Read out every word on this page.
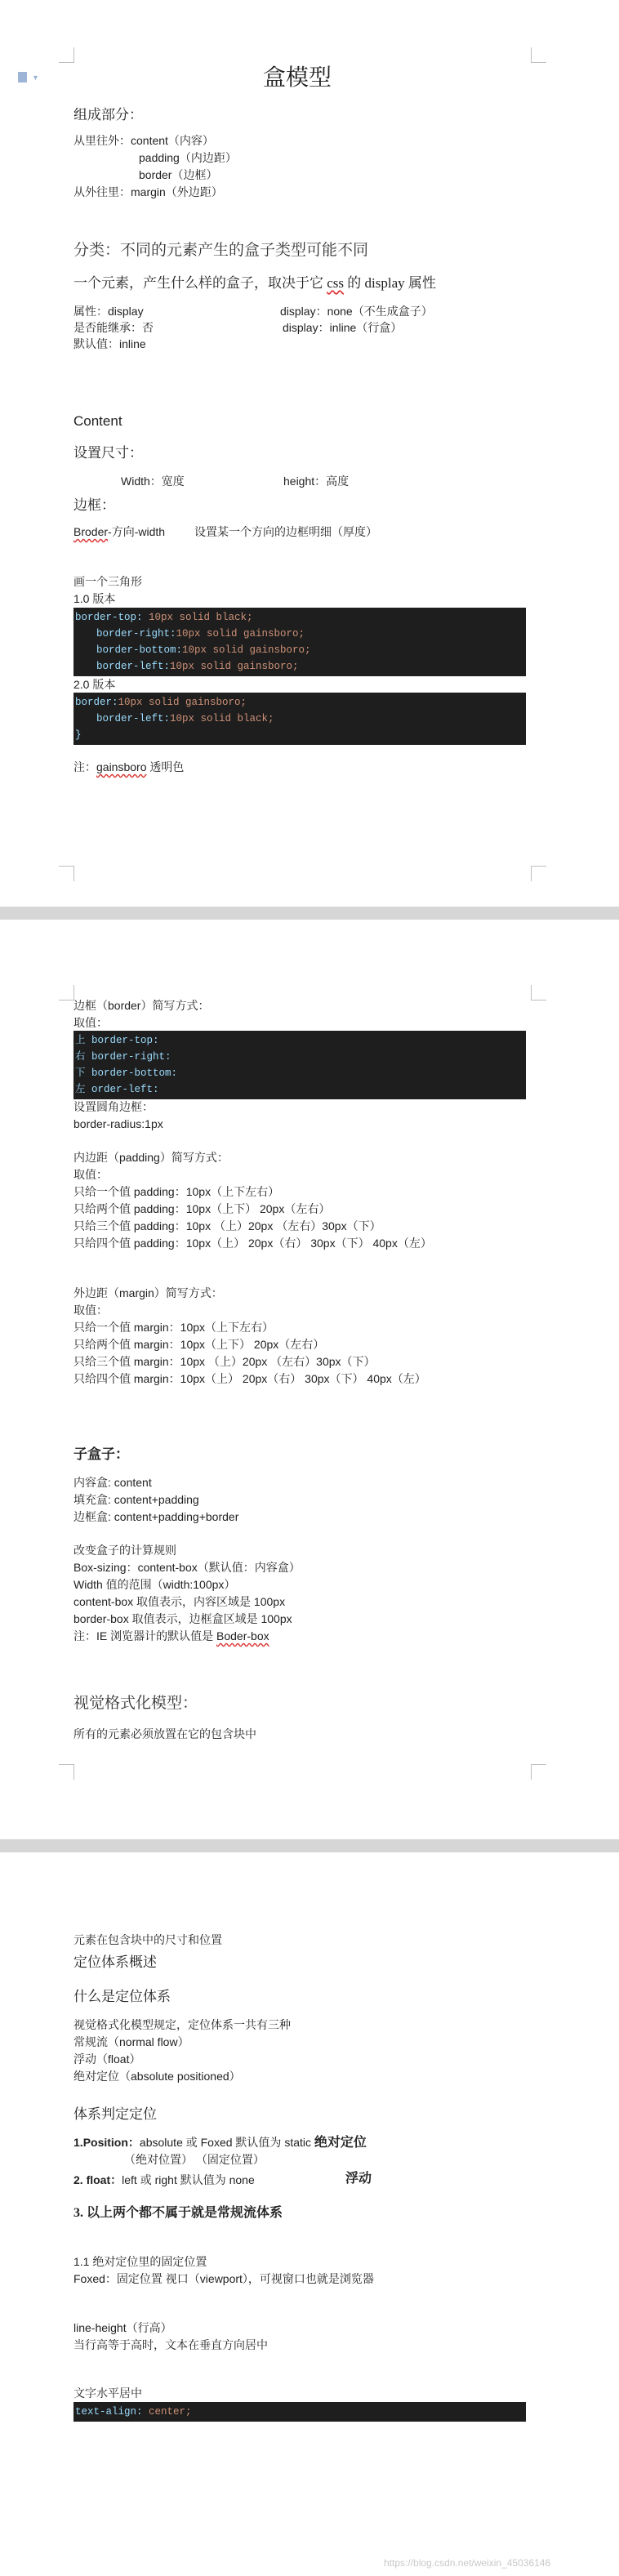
▼	盒模型
组成部分：
从里往外：content（内容）
padding（内边距）
border（边框）
从外往里：margin（外边距）
分类：不同的元素产生的盒子类型可能不同
一个元素，产生什么样的盒子，取决于它 css 的 display 属性
属性：display	display：none（不生成盒子）
是否能继承：否	display：inline（行盒）
默认值：inline
Content
设置尺寸：
Width：宽度	height：高度
边框：
Broder-方向-width	设置某一个方向的边框明细（厚度）
画一个三角形
1.0 版本
border-top: 10px solid black;
border-right:10px solid gainsboro;
border-bottom:10px solid gainsboro;
border-left:10px solid gainsboro;
2.0 版本
border:10px solid gainsboro;
border-left:10px solid black;
}
注：gainsboro 透明色
边框（border）简写方式：
取值：
上 border-top:
右 border-right:
下 border-bottom:
左 order-left:
设置圆角边框：
border-radius:1px
内边距（padding）简写方式：
取值：
只给一个值 padding：10px（上下左右）
只给两个值 padding：10px（上下） 20px（左右）
只给三个值 padding：10px （上）20px （左右）30px（下）
只给四个值 padding：10px（上） 20px（右） 30px（下） 40px（左）
外边距（margin）简写方式：
取值：
只给一个值 margin：10px（上下左右）
只给两个值 margin：10px（上下） 20px（左右）
只给三个值 margin：10px （上）20px （左右）30px（下）
只给四个值 margin：10px（上） 20px（右） 30px（下） 40px（左）
子盒子：
内容盒: content
填充盒: content+padding
边框盒: content+padding+border
改变盒子的计算规则
Box-sizing：content-box（默认值：内容盒）
Width 值的范围（width:100px）
content-box 取值表示，内容区域是 100px
border-box 取值表示，边框盒区域是 100px
注：IE 浏览器计的默认值是 Boder-box
视觉格式化模型：
所有的元素必须放置在它的包含块中
元素在包含块中的尺寸和位置
定位体系概述
什么是定位体系
视觉格式化模型规定，定位体系一共有三种
常规流（normal flow）
浮动（float）
绝对定位（absolute positioned）
体系判定定位
1.Position：absolute 或 Foxed 默认值为 static 绝对定位
（绝对位置） （固定位置）
2. float：left 或 right 默认值为 none	浮动
3. 以上两个都不属于就是常规流体系
1.1 绝对定位里的固定位置
Foxed：固定位置 视口（viewport），可视窗口也就是浏览器
line-height（行高）
当行高等于高时，文本在垂直方向居中
文字水平居中
text-align: center;
https://blog.csdn.net/weixin_45036146
